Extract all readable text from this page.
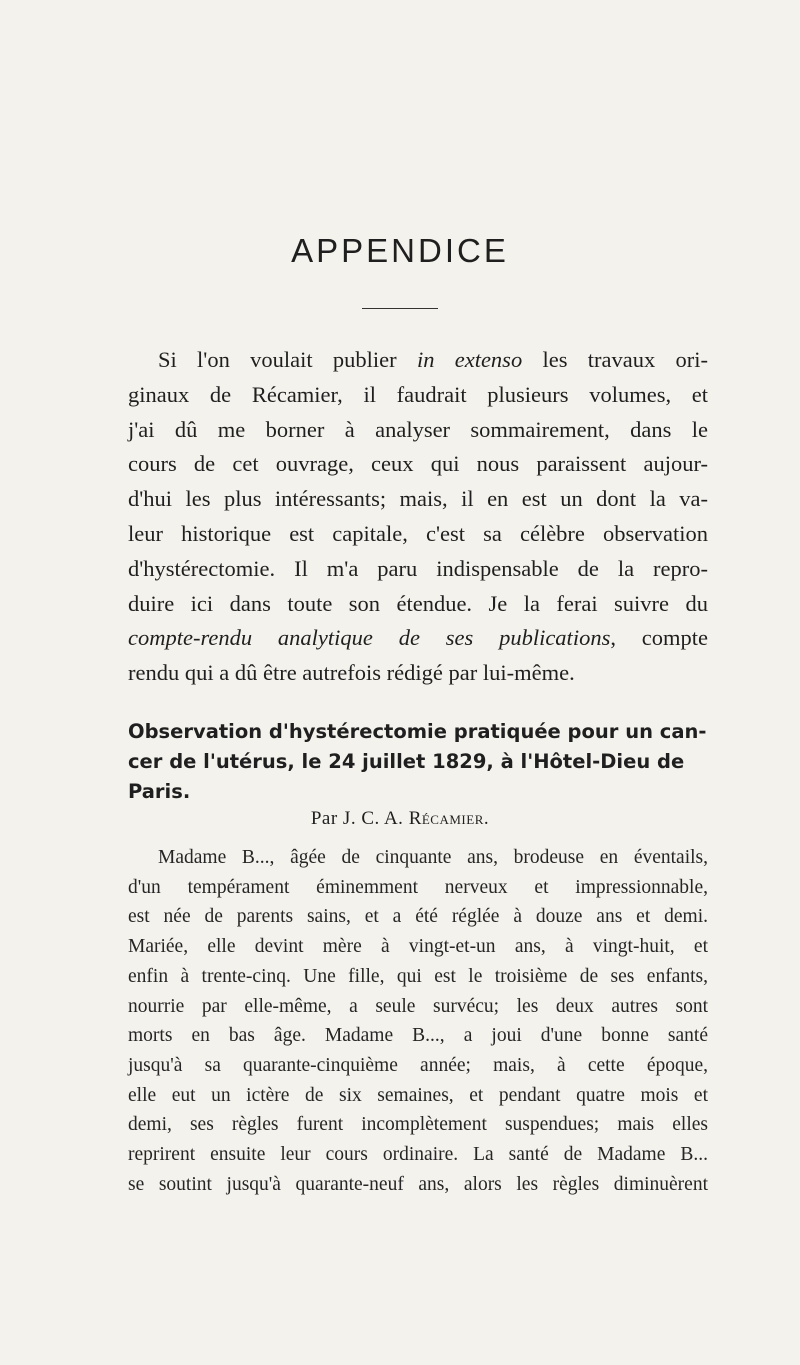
APPENDICE

Si l'on voulait publier in extenso les travaux ori-
ginaux de Récamier, il faudrait plusieurs volumes, et
j'ai dû me borner à analyser sommairement, dans le
cours de cet ouvrage, ceux qui nous paraissent aujour-
d'hui les plus intéressants; mais, il en est un dont la va-
leur historique est capitale, c'est sa célèbre observation
d'hystérectomie. Il m'a paru indispensable de la repro-
duire ici dans toute son étendue. Je la ferai suivre du
compte-rendu analytique de ses publications, compte
rendu qui a dû être autrefois rédigé par lui-même.

Observation d'hystérectomie pratiquée pour un can-
cer de l'utérus, le 24 juillet 1829, à l'Hôtel-Dieu de
Paris.

Par J. C. A. Récamier.

Madame B..., âgée de cinquante ans, brodeuse en éventails,
d'un tempérament éminemment nerveux et impressionnable,
est née de parents sains, et a été réglée à douze ans et demi.
Mariée, elle devint mère à vingt-et-un ans, à vingt-huit, et
enfin à trente-cinq. Une fille, qui est le troisième de ses enfants,
nourrie par elle-même, a seule survécu; les deux autres sont
morts en bas âge. Madame B..., a joui d'une bonne santé
jusqu'à sa quarante-cinquième année; mais, à cette époque,
elle eut un ictère de six semaines, et pendant quatre mois et
demi, ses règles furent incomplètement suspendues; mais elles
reprirent ensuite leur cours ordinaire. La santé de Madame B...
se soutint jusqu'à quarante-neuf ans, alors les règles diminuèrent
